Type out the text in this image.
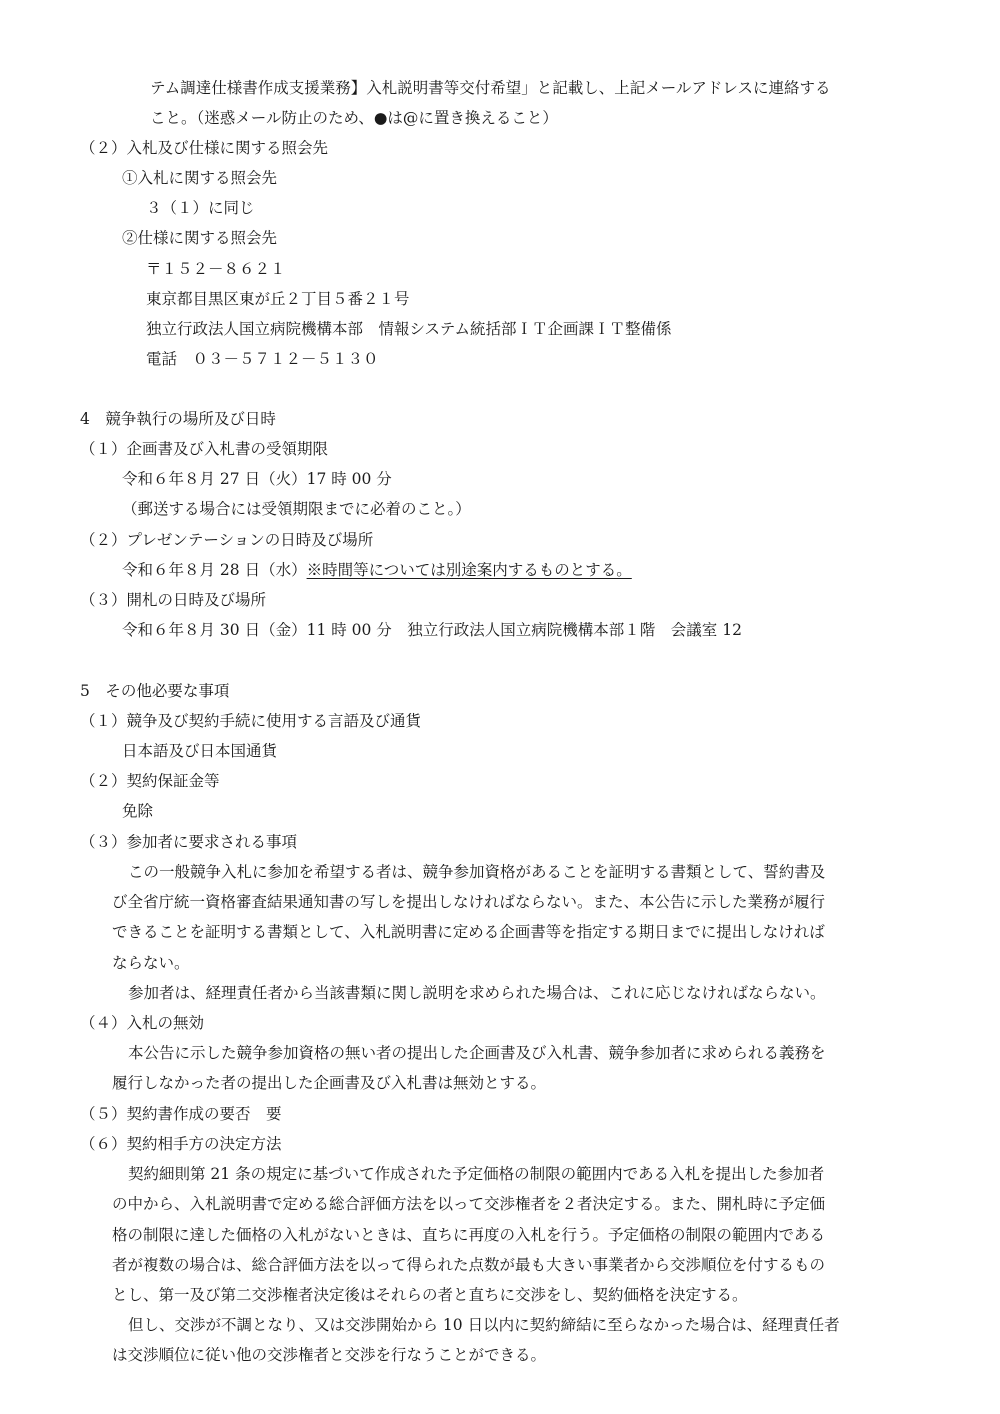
テム調達仕様書作成支援業務】入札説明書等交付希望」と記載し、上記メールアドレスに連絡する
こと。（迷惑メール防止のため、●は@に置き換えること）
（２）入札及び仕様に関する照会先
①入札に関する照会先
３（１）に同じ
②仕様に関する照会先
〒１５２－８６２１
東京都目黒区東が丘２丁目５番２１号
独立行政法人国立病院機構本部　情報システム統括部ＩＴ企画課ＩＴ整備係
電話　０３－５７１２－５１３０
4　競争執行の場所及び日時
（１）企画書及び入札書の受領期限
令和６年８月 27 日（火）17 時 00 分
（郵送する場合には受領期限までに必着のこと。）
（２）プレゼンテーションの日時及び場所
令和６年８月 28 日（水）※時間等については別途案内するものとする。
（３）開札の日時及び場所
令和６年８月 30 日（金）11 時 00 分　独立行政法人国立病院機構本部１階　会議室 12
5　その他必要な事項
（１）競争及び契約手続に使用する言語及び通貨
日本語及び日本国通貨
（２）契約保証金等
免除
（３）参加者に要求される事項
この一般競争入札に参加を希望する者は、競争参加資格があることを証明する書類として、誓約書及
び全省庁統一資格審査結果通知書の写しを提出しなければならない。また、本公告に示した業務が履行
できることを証明する書類として、入札説明書に定める企画書等を指定する期日までに提出しなければ
ならない。
参加者は、経理責任者から当該書類に関し説明を求められた場合は、これに応じなければならない。
（４）入札の無効
本公告に示した競争参加資格の無い者の提出した企画書及び入札書、競争参加者に求められる義務を
履行しなかった者の提出した企画書及び入札書は無効とする。
（５）契約書作成の要否　要
（６）契約相手方の決定方法
契約細則第 21 条の規定に基づいて作成された予定価格の制限の範囲内である入札を提出した参加者
の中から、入札説明書で定める総合評価方法を以って交渉権者を２者決定する。また、開札時に予定価
格の制限に達した価格の入札がないときは、直ちに再度の入札を行う。予定価格の制限の範囲内である
者が複数の場合は、総合評価方法を以って得られた点数が最も大きい事業者から交渉順位を付するもの
とし、第一及び第二交渉権者決定後はそれらの者と直ちに交渉をし、契約価格を決定する。
但し、交渉が不調となり、又は交渉開始から 10 日以内に契約締結に至らなかった場合は、経理責任者
は交渉順位に従い他の交渉権者と交渉を行なうことができる。
